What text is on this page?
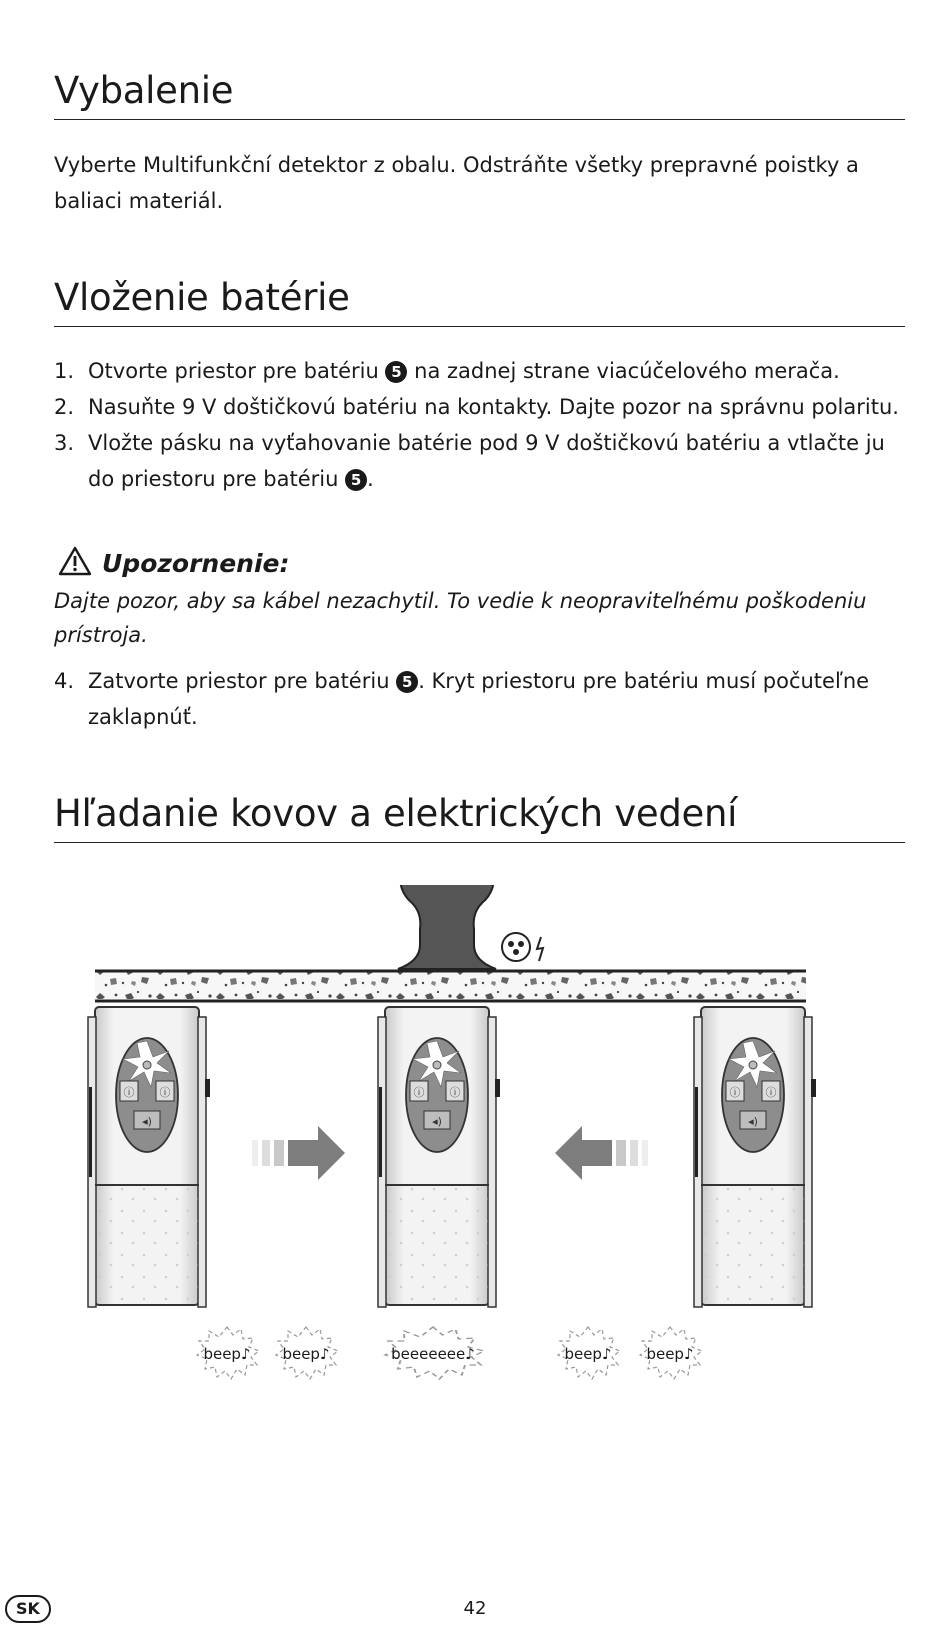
Vybalenie
Vyberte Multifunkční detektor z obalu. Odstráňte všetky prepravné poistky a baliaci materiál.
Vloženie batérie
1. Otvorte priestor pre batériu 5 na zadnej strane viacúčelového merača.
2. Nasuňte 9 V doštičkovú batériu na kontakty. Dajte pozor na správnu polaritu.
3. Vložte pásku na vyťahovanie batérie pod 9 V doštičkovú batériu a vtlačte ju do priestoru pre batériu 5 .
Upozornenie:
Dajte pozor, aby sa kábel nezachytil. To vedie k neopraviteľnému poškodeniu prístroja.
4. Zatvorte priestor pre batériu 5 . Kryt priestoru pre batériu musí počuteľne zaklapnúť.
Hľadanie kovov a elektrických vedení
ⓘ	ⓘ
◂)
beep♪ beep♪	beeeeeee♪	beep♪ beep♪
SK	42
